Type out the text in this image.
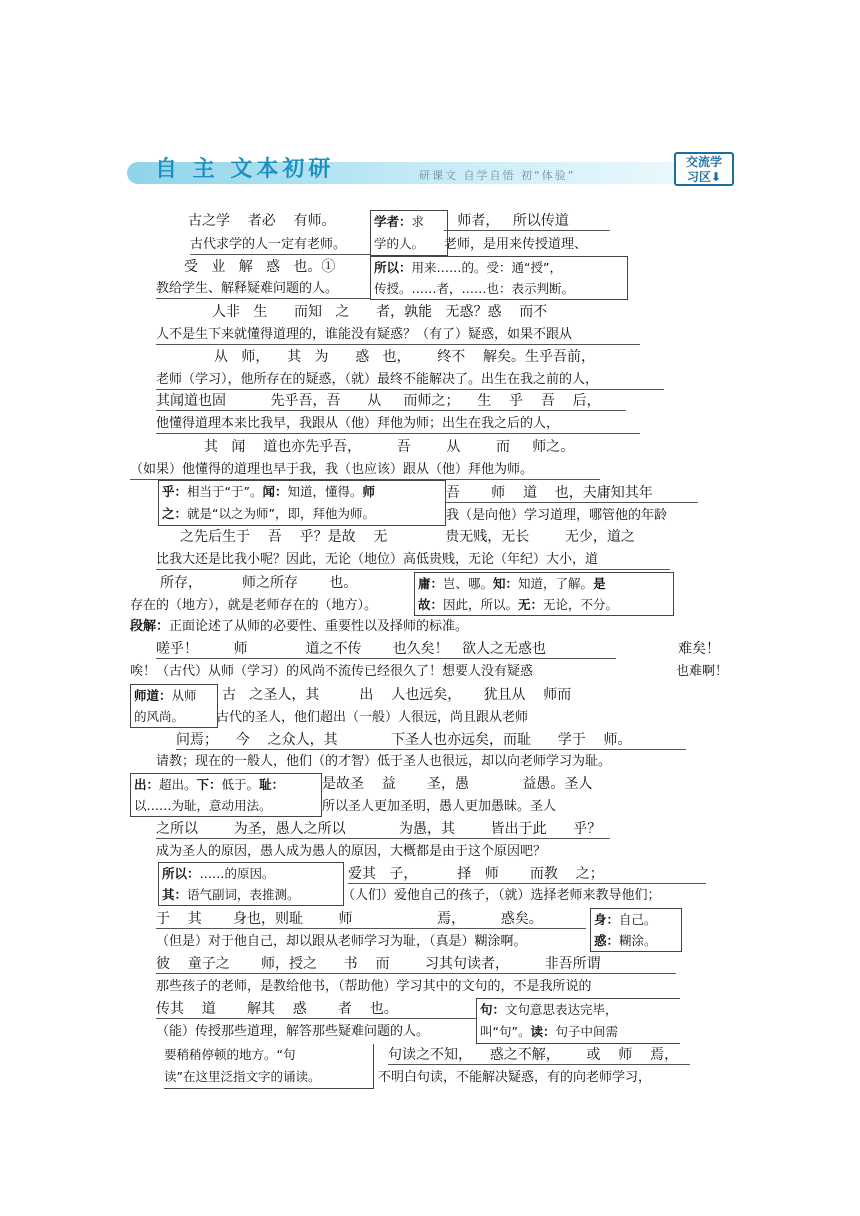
自 主 文本初研	研课文 自学自悟 初“体验”
交流学
习区⬇
古之学    者必    有师。	学者：求
学的人。
师者，   所以传道
古代求学的人一定有老师。	老师，是用来传授道理、
受   业   解   惑   也。①	所以：用来……的。受：通“授”，
传授。……者，……也：表示判断。
教给学生、解释疑难问题的人。
人非   生      而知   之      者，孰能   无惑？惑    而不
人不是生下来就懂得道理的，谁能没有疑惑？（有了）疑惑，如果不跟从
从   师，    其   为      惑   也，      终不    解矣。生乎吾前，
老师（学习），他所存在的疑惑，（就）最终不能解决了。出生在我之前的人，
其闻道也固          先乎吾，吾      从     而师之；    生    乎    吾    后，
他懂得道理本来比我早，我跟从（他）拜他为师；出生在我之后的人，
其   闻    道也亦先乎吾，        吾        从        而     师之。
（如果）他懂得的道理也早于我，我（也应该）跟从（他）拜他为师。
乎：相当于“于”。闻：知道，懂得。师
之：就是“以之为师”，即，拜他为师。
吾       师    道    也，夫庸知其年
我（是向他）学习道理，哪管他的年龄
之先后生于    吾    乎？是故    无             贵无贱，无长        无少，道之
比我大还是比我小呢？因此，无论（地位）高低贵贱，无论（年纪）大小，道
所存，         师之所存       也。	庸：岂、哪。知：知道，了解。是
故：因此，所以。无：无论，不分。
存在的（地方），就是老师存在的（地方）。
段解：正面论述了从师的必要性、重要性以及择师的标准。
嗟乎！        师             道之不传       也久矣！   欲人之无惑也	难矣！
唉！（古代）从师（学习）的风尚不流传已经很久了！想要人没有疑惑	也难啊！
师道：从师
的风尚。
古   之圣人，其         出    人也远矣，     犹且从    师而
古代的圣人，他们超出（一般）人很远，尚且跟从老师
问焉；    今    之众人，其            下圣人也亦远矣，而耻      学于    师。
请教；现在的一般人，他们（的才智）低于圣人也很远，却以向老师学习为耻。
出：超出。下：低于。耻：
以……为耻，意动用法。
是故圣    益       圣，愚            益愚。圣人
所以圣人更加圣明，愚人更加愚昧。圣人
之所以        为圣，愚人之所以            为愚，其        皆出于此      乎？
成为圣人的原因，愚人成为愚人的原因，大概都是由于这个原因吧？
所以：……的原因。
其：语气副词，表推测。
爱其   子，         择   师       而教    之；
（人们）爱他自己的孩子，（就）选择老师来教导他们；
于    其       身也，则耻        师                   焉，        惑矣。	身：自己。
惑：糊涂。
（但是）对于他自己，却以跟从老师学习为耻，（真是）糊涂啊。
彼    童子之       师，授之      书    而        习其句读者，        非吾所谓
那些孩子的老师，是教给他书，（帮助他）学习其中的文句的，不是我所说的
传其    道       解其    惑       者    也。	句：文句意思表达完毕，
叫“句”。读：句子中间需
（能）传授那些道理，解答那些疑难问题的人。
要稍稍停顿的地方。“句
读”在这里泛指文字的诵读。
句读之不知，    惑之不解，      或    师    焉，
不明白句读，不能解决疑惑，有的向老师学习，
